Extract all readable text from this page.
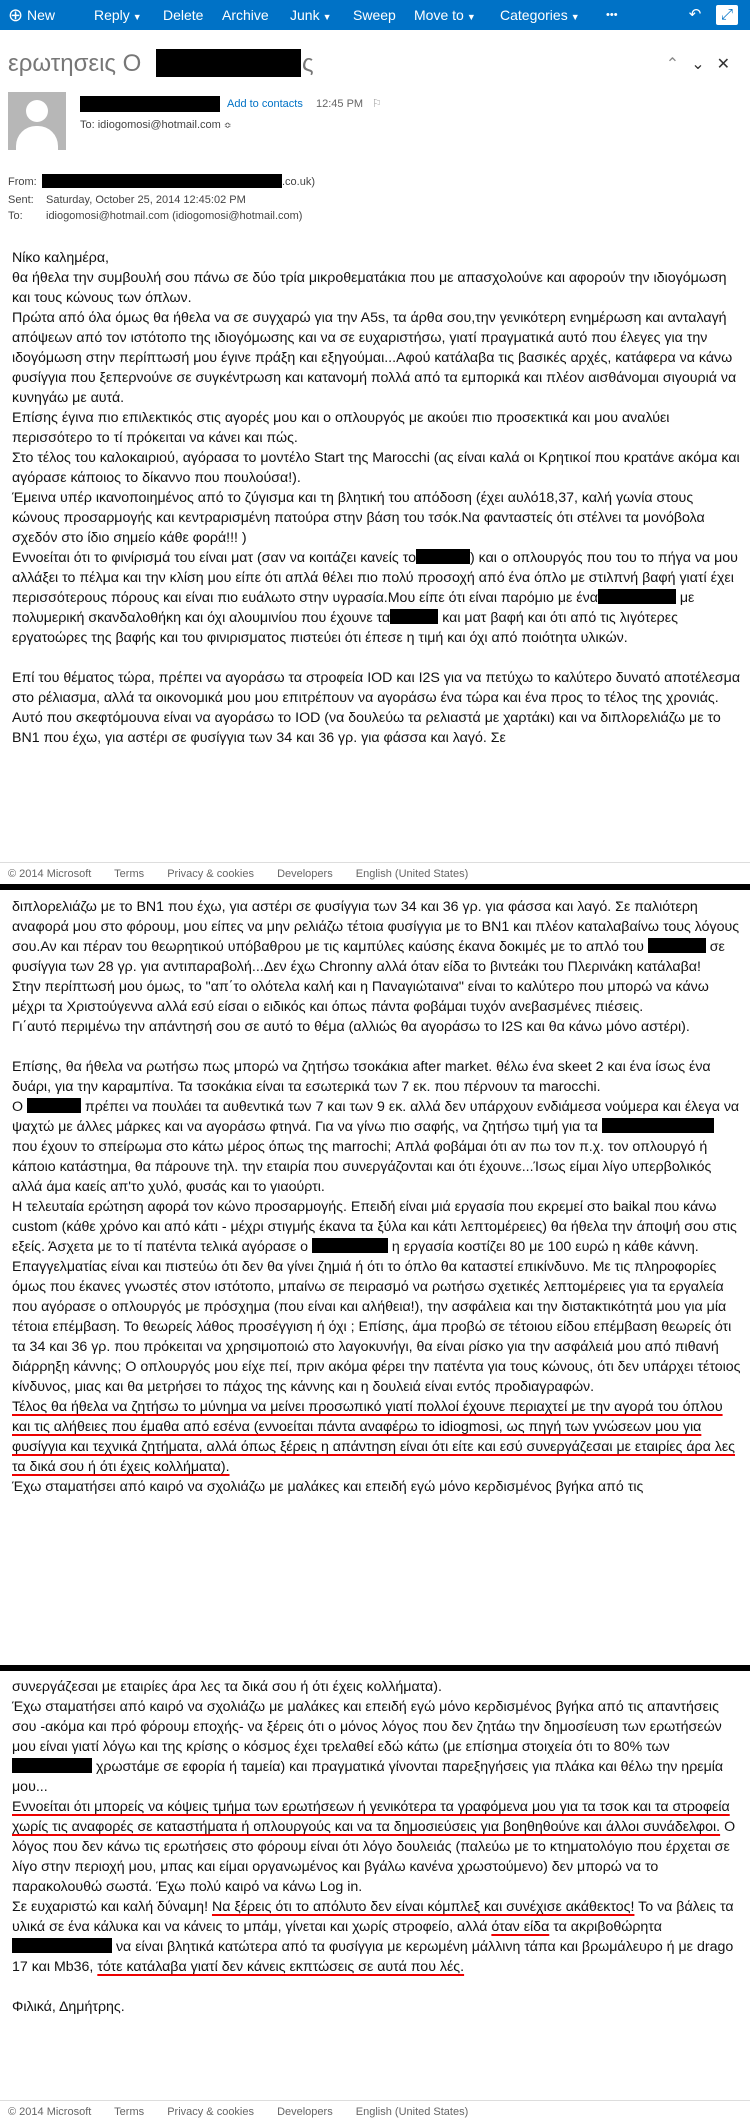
⊕ New	Reply ▼ Delete Archive Junk ▼ Sweep Move to ▼ Categories ▼ •••	↶	⤢
ερωτησεις Ο	ς	⌃⌄✕
Add to contacts 12:45 PM ⚐
To: idiogomosi@hotmail.com ≎
From:	.co.uk)
Sent: Saturday, October 25, 2014 12:45:02 PM
To: idiogomosi@hotmail.com (idiogomosi@hotmail.com)

Νίκο καλημέρα,

θα ήθελα την συμβουλή σου πάνω σε δύο τρία μικροθεματάκια που με απασχολούνε και αφορούν την ιδιογόμωση και τους κώνους των όπλων.

Πρώτα από όλα όμως θα ήθελα να σε συγχαρώ για την Α5s, τα άρθα σου,την γενικότερη ενημέρωση και ανταλαγή απόψεων από τον ιστότοπο της ιδιογόμωσης και να σε ευχαριστήσω, γιατί πραγματικά αυτό που έλεγες για την ιδογόμωση στην περίπτωσή μου έγινε πράξη και εξηγούμαι...Αφού κατάλαβα τις βασικές αρχές, κατάφερα να κάνω φυσίγγια που ξεπερνούνε σε συγκέντρωση και κατανομή πολλά από τα εμπορικά και πλέον αισθάνομαι σιγουριά να κυνηγάω με αυτά.

Επίσης έγινα πιο επιλεκτικός στις αγορές μου και ο οπλουργός με ακούει πιο προσεκτικά και μου αναλύει περισσότερο το τί πρόκειται να κάνει και πώς.

Στο τέλος του καλοκαιριού, αγόρασα το μοντέλο Start της Marocchi (ας είναι καλά οι Κρητικοί που κρατάνε ακόμα και αγόρασε κάποιος το δίκαννο που πουλούσα!).

Έμεινα υπέρ ικανοποιημένος από το ζύγισμα και τη βλητική του απόδοση (έχει αυλό18,37, καλή γωνία στους κώνους προσαρμογής και κεντραρισμένη πατούρα στην βάση του τσόκ.Να φανταστείς ότι στέλνει τα μονόβολα σχεδόν στο ίδιο σημείο κάθε φορά!!! )

Εννοείται ότι το φινίρισμά του είναι ματ (σαν να κοιτάζει κανείς το	) και ο οπλουργός που του το πήγα να μου αλλάξει το πέλμα και την κλίση μου είπε ότι απλά θέλει πιο πολύ προσοχή από ένα όπλο με στιλπνή βαφή γιατί έχει περισσότερους πόρους και είναι πιο ευάλωτο στην υγρασία.Μου είπε ότι είναι παρόμιο με ένα	με πολυμερική σκανδαλοθήκη και όχι αλουμινίου που έχουνε τα	και ματ βαφή και ότι από τις λιγότερες εργατοώρες της βαφής και του φινιρισματος πιστεύει ότι έπεσε η τιμή και όχι από ποιότητα υλικών.

Επί του θέματος τώρα, πρέπει να αγοράσω τα στροφεία IOD και I2S για να πετύχω το καλύτερο δυνατό αποτέλεσμα στο ρέλιασμα, αλλά τα οικονομικά μου μου επιτρέπουν να αγοράσω ένα τώρα και ένα προς το τέλος της χρονιάς.

Αυτό που σκεφτόμουνα είναι να αγοράσω το IOD (να δουλεύω τα ρελιαστά με χαρτάκι) και να διπλορελιάζω με το BN1 που έχω, για αστέρι σε φυσίγγια των 34 και 36 γρ. για φάσσα και λαγό. Σε

© 2014 Microsoft Terms Privacy & cookies Developers English (United States)

διπλορελιάζω με το BN1 που έχω, για αστέρι σε φυσίγγια των 34 και 36 γρ. για φάσσα και λαγό. Σε παλιότερη αναφορά μου στο φόρουμ, μου είπες να μην ρελιάζω τέτοια φυσίγγια με το BN1 και πλέον καταλαβαίνω τους λόγους σου.Αν και πέραν του θεωρητικού υπόβαθρου με τις καμπύλες καύσης έκανα δοκιμές με το απλό του	σε φυσίγγια των 28 γρ. για αντιπαραβολή...Δεν έχω Chronny αλλά όταν είδα το βιντεάκι του Πλερινάκη κατάλαβα!

Στην περίπτωσή μου όμως, το "απ΄το ολότελα καλή και η Παναγιώταινα" είναι το καλύτερο που μπορώ να κάνω μέχρι τα Χριστούγεννα αλλά εσύ είσαι ο ειδικός και όπως πάντα φοβάμαι τυχόν ανεβασμένες πιέσεις.

Γι΄αυτό περιμένω την απάντησή σου σε αυτό το θέμα (αλλιώς θα αγοράσω το I2S και θα κάνω μόνο αστέρι).

Επίσης, θα ήθελα να ρωτήσω πως μπορώ να ζητήσω τσοκάκια after market. θέλω ένα skeet 2 και ένα ίσως ένα δυάρι, για την καραμπίνα. Τα τσοκάκια είναι τα εσωτερικά των 7 εκ. που πέρνουν τα marocchi.

Ο	πρέπει να πουλάει τα αυθεντικά των 7 και των 9 εκ. αλλά δεν υπάρχουν ενδιάμεσα νούμερα και έλεγα να ψαχτώ με άλλες μάρκες και να αγοράσω φτηνά. Για να γίνω πιο σαφής, να ζητήσω τιμή για τα  που έχουν το σπείρωμα στο κάτω μέρος όπως της marrochi; Απλά φοβάμαι ότι αν πω τον π.χ. τον οπλουργό ή κάποιο κατάστημα, θα πάρουνε τηλ. την εταιρία που συνεργάζονται και ότι έχουνε...Ίσως είμαι λίγο υπερβολικός αλλά άμα καείς απ'το χυλό, φυσάς και το γιαούρτι.

Η τελευταία ερώτηση αφορά τον κώνο προσαρμογής. Επειδή είναι μιά εργασία που εκρεμεί στο baikal που κάνω custom (κάθε χρόνο και από κάτι - μέχρι στιγμής έκανα τα ξύλα και κάτι λεπτομέρειες) θα ήθελα την άποψή σου στις εξείς. Άσχετα με το τί πατέντα τελικά αγόρασε ο	η εργασία κοστίζει 80 με 100 ευρώ η κάθε κάννη. Επαγγελματίας είναι και πιστεύω ότι δεν θα γίνει ζημιά ή ότι το όπλο θα καταστεί επικίνδυνο. Με τις πληροφορίες όμως που έκανες γνωστές στον ιστότοπο, μπαίνω σε πειρασμό να ρωτήσω σχετικές λεπτομέρειες για τα εργαλεία που αγόρασε ο οπλουργός με πρόσχημα (που είναι και αλήθεια!), την ασφάλεια και την διστακτικότητά μου για μία τέτοια επέμβαση. Το θεωρείς λάθος προσέγγιση ή όχι ; Επίσης, άμα προβώ σε τέτοιου είδου επέμβαση θεωρείς ότι τα 34 και 36 γρ. που πρόκειται να χρησιμοποιώ στο λαγοκυνήγι, θα είναι ρίσκο για την ασφάλειά μου από πιθανή διάρρηξη κάννης; Ο οπλουργός μου είχε πεί, πριν ακόμα φέρει την πατέντα για τους κώνους, ότι δεν υπάρχει τέτοιος κίνδυνος, μιας και θα μετρήσει το πάχος της κάννης και η δουλειά είναι εντός προδιαγραφών.

Τέλος θα ήθελα να ζητήσω το μύνημα να μείνει προσωπικό γιατί πολλοί έχουνε περιαχτεί με την αγορά του όπλου και τις αλήθειες που έμαθα από εσένα (εννοείται πάντα αναφέρω το idiogmosi, ως πηγή των γνώσεων μου για φυσίγγια και τεχνικά ζητήματα, αλλά όπως ξέρεις η απάντηση είναι ότι είτε και εσύ συνεργάζεσαι με εταιρίες άρα λες τα δικά σου ή ότι έχεις κολλήματα).

Έχω σταματήσει από καιρό να σχολιάζω με μαλάκες και επειδή εγώ μόνο κερδισμένος βγήκα από τις

συνεργάζεσαι με εταιρίες άρα λες τα δικά σου ή ότι έχεις κολλήματα).

Έχω σταματήσει από καιρό να σχολιάζω με μαλάκες και επειδή εγώ μόνο κερδισμένος βγήκα από τις απαντήσεις σου -ακόμα και πρό φόρουμ εποχής- να ξέρεις ότι ο μόνος λόγος που δεν ζητάω την δημοσίευση των ερωτήσεών μου είναι γιατί λόγω και της κρίσης ο κόσμος έχει τρελαθεί εδώ κάτω (με επίσημα στοιχεία ότι το 80% των  χρωστάμε σε εφορία ή ταμεία) και πραγματικά γίνονται παρεξηγήσεις για πλάκα και θέλω την ηρεμία μου...

Εννοείται ότι μπορείς να κόψεις τμήμα των ερωτήσεων ή γενικότερα τα γραφόμενα μου για τα τσοκ και τα στροφεία χωρίς τις αναφορές σε καταστήματα ή οπλουργούς και να τα δημοσιεύσεις για βοηθηθούνε και άλλοι συνάδελφοι. Ο λόγος που δεν κάνω τις ερωτήσεις στο φόρουμ είναι ότι λόγο δουλειάς (παλεύω με το κτηματολόγιο που έρχεται σε λίγο στην περιοχή μου, μπας και είμαι οργανωμένος και βγάλω κανένα χρωστούμενο) δεν μπορώ να το παρακολουθώ σωστά. Έχω πολύ καιρό να κάνω Log in.

Σε ευχαριστώ και καλή δύναμη! Να ξέρεις ότι το απόλυτο δεν είναι κόμπλεξ και συνέχισε ακάθεκτος! Το να βάλεις τα υλικά σε ένα κάλυκα και να κάνεις το μπάμ, γίνεται και χωρίς στροφείο, αλλά όταν είδα τα ακριβοθώρητα  να είναι βλητικά κατώτερα από τα φυσίγγια με κερωμένη μάλλινη τάπα και βρωμάλευρο ή με drago 17 και Mb36, τότε κατάλαβα γιατί δεν κάνεις εκπτώσεις σε αυτά που λές.

Φιλικά, Δημήτρης.

© 2014 Microsoft Terms Privacy & cookies Developers English (United States)
